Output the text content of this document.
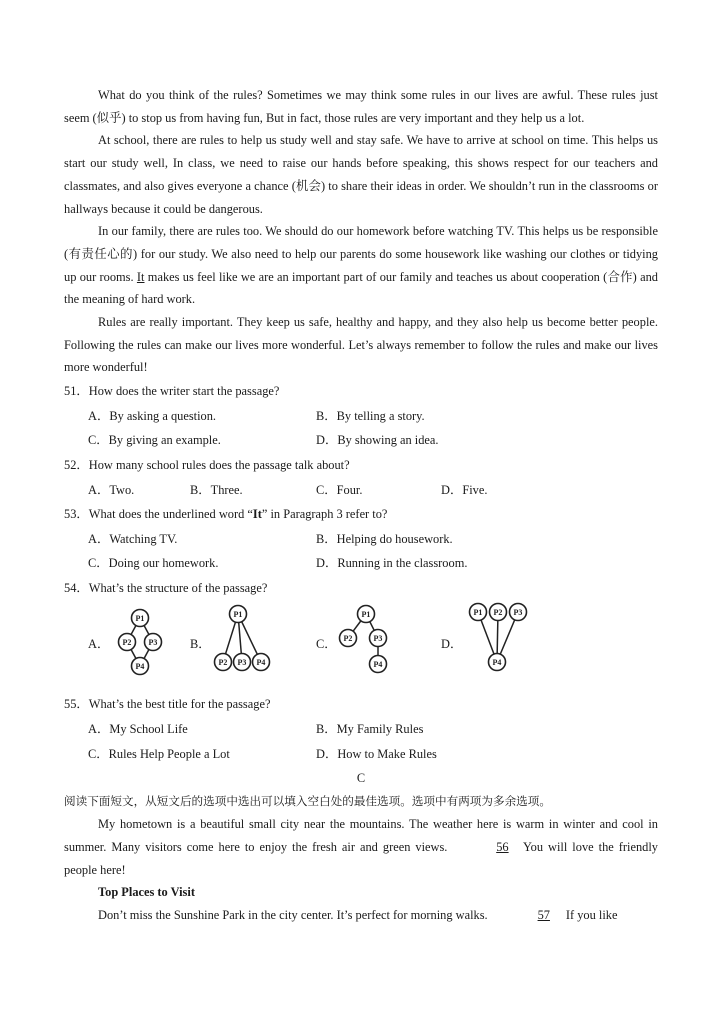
What do you think of the rules? Sometimes we may think some rules in our lives are awful. These rules just seem (似乎) to stop us from having fun, But in fact, those rules are very important and they help us a lot.

At school, there are rules to help us study well and stay safe. We have to arrive at school on time. This helps us start our study well, In class, we need to raise our hands before speaking, this shows respect for our teachers and classmates, and also gives everyone a chance (机会) to share their ideas in order. We shouldn’t run in the classrooms or hallways because it could be dangerous.

In our family, there are rules too. We should do our homework before watching TV. This helps us be responsible (有责任心的) for our study. We also need to help our parents do some housework like washing our clothes or tidying up our rooms. It makes us feel like we are an important part of our family and teaches us about cooperation (合作) and the meaning of hard work.

Rules are really important. They keep us safe, healthy and happy, and they also help us become better people. Following the rules can make our lives more wonderful. Let’s always remember to follow the rules and make our lives more wonderful!

51．How does the writer start the passage?

A．By asking a question.	B．By telling a story.
C．By giving an example.	D．By showing an idea.

52．How many school rules does the passage talk about?

A．Two.	B．Three.	C．Four.	D．Five.

53．What does the underlined word “It” in Paragraph 3 refer to?

A．Watching TV.	B．Helping do housework.
C．Doing our homework.	D．Running in the classroom.

54．What’s the structure of the passage?

A．
P1
P2 P3
P4
B．
P1
P2 P3 P4
C．
P1
P2	P3
P4
D．
P1 P2 P3
P4

55．What’s the best title for the passage?

A．My School Life	B．My Family Rules
C．Rules Help People a Lot	D．How to Make Rules

C

阅读下面短文，从短文后的选项中选出可以填入空白处的最佳选项。选项中有两项为多余选项。

My hometown is a beautiful small city near the mountains. The weather here is warm in winter and cool in summer. Many visitors come here to enjoy the fresh air and green views.	56 You will love the friendly people here!

Top Places to Visit

Don’t miss the Sunshine Park in the city center. It’s perfect for morning walks.	57 If you like
